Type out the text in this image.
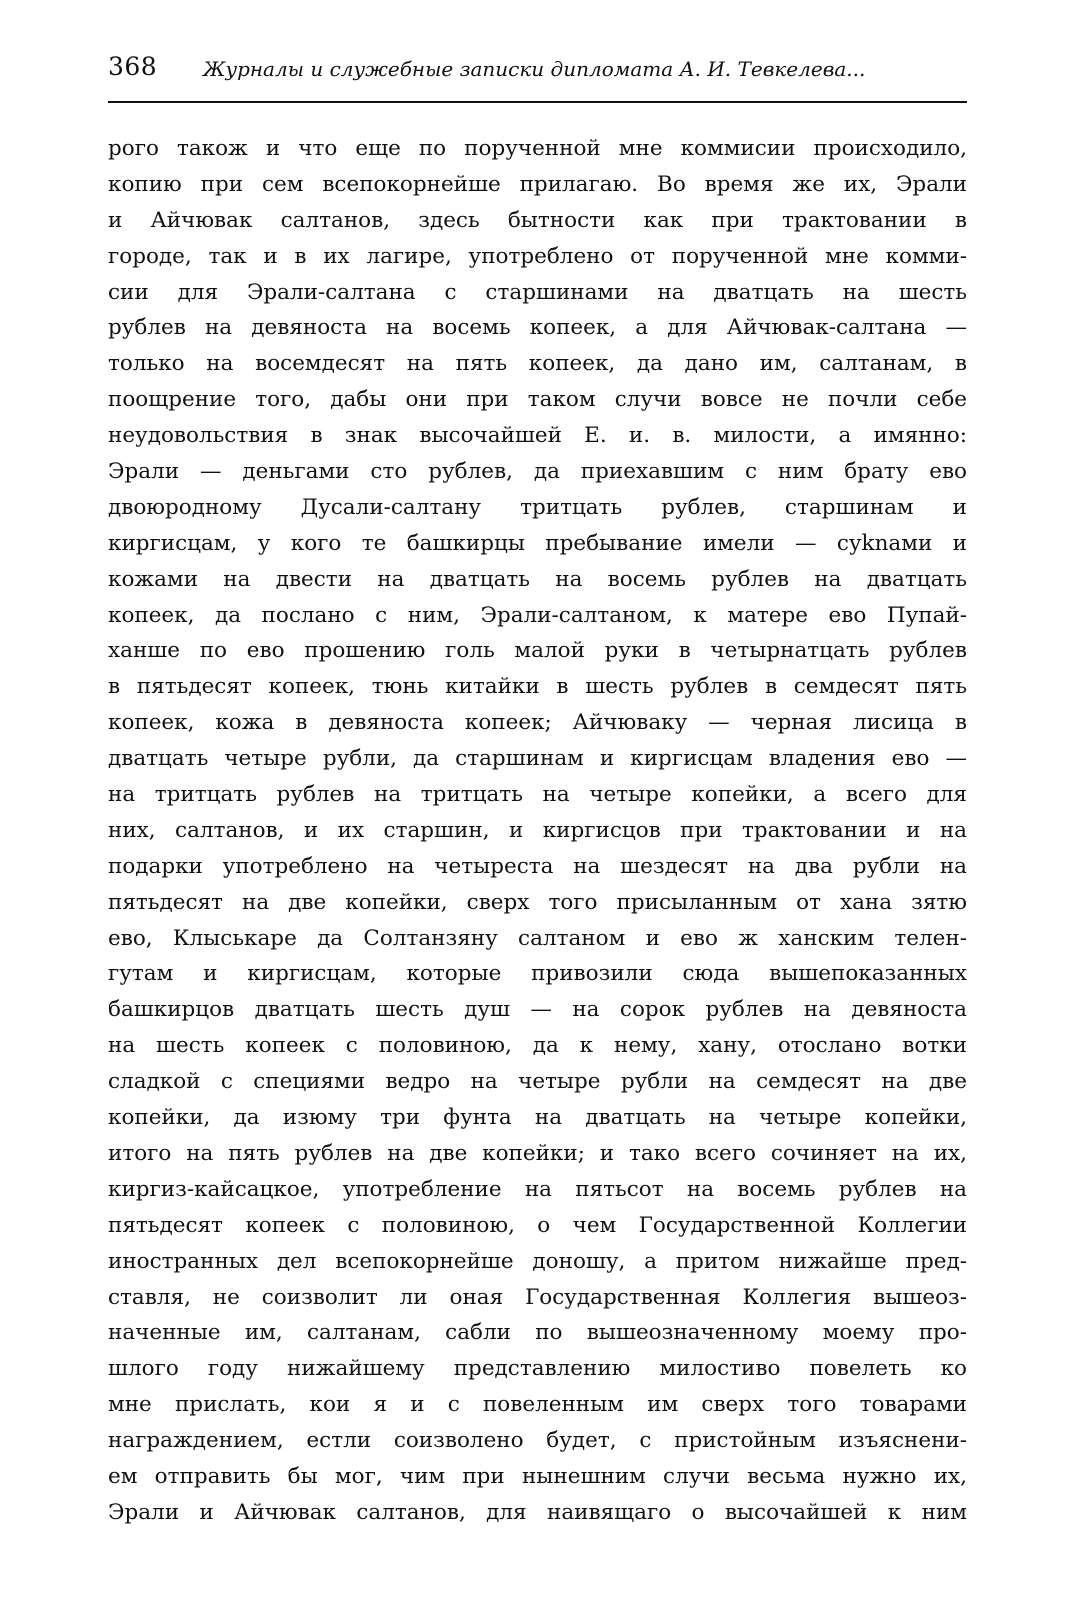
368 Журналы и служебные записки дипломата А. И. Тевкелева...
рого також и что еще по порученной мне коммисии происходило,
копию при сем всепокорнейше прилагаю. Во время же их, Эрали
и Айчювак салтанов, здесь бытности как при трактовании в
городе, так и в их лагире, употреблено от порученной мне комми-
сии для Эрали-салтана с старшинами на дватцать на шесть
рублев на девяноста на восемь копеек, а для Айчювак-салтана —
только на восемдесят на пять копеек, да дано им, салтанам, в
поощрение того, дабы они при таком случи вовсе не почли себе
неудовольствия в знак высочайшей Е. и. в. милости, а имянно:
Эрали — деньгами сто рублев, да приехавшим с ним брату ево
двоюродному Дусали-салтану тритцать рублев, старшинам и
киргисцам, у кого те башкирцы пребывание имели — суknами и
кожами на двести на дватцать на восемь рублев на дватцать
копеек, да послано с ним, Эрали-салтаном, к матере ево Пупай-
ханше по ево прошению голь малой руки в четырнатцать рублев
в пятьдесят копеек, тюнь китайки в шесть рублев в семдесят пять
копеек, кожа в девяноста копеек; Айчюваку — черная лисица в
дватцать четыре рубли, да старшинам и киргисцам владения ево —
на тритцать рублев на тритцать на четыре копейки, а всего для
них, салтанов, и их старшин, и киргисцов при трактовании и на
подарки употреблено на четыреста на шездесят на два рубли на
пятьдесят на две копейки, сверх того присыланным от хана зятю
ево, Клыськаре да Солтанзяну салтаном и ево ж ханским телен-
гутам и киргисцам, которые привозили сюда вышепоказанных
башкирцов дватцать шесть душ — на сорок рублев на девяноста
на шесть копеек с половиною, да к нему, хану, отослано вотки
сладкой с специями ведро на четыре рубли на семдесят на две
копейки, да изюму три фунта на дватцать на четыре копейки,
итого на пять рублев на две копейки; и тако всего сочиняет на их,
киргиз-кайсацкое, употребление на пятьсот на восемь рублев на
пятьдесят копеек с половиною, о чем Государственной Коллегии
иностранных дел всепокорнейше доношу, а притом нижайше пред-
ставля, не соизволит ли оная Государственная Коллегия вышеоз-
наченные им, салтанам, сабли по вышеозначенному моему про-
шлого году нижайшему представлению милостиво повелеть ко
мне прислать, кои я и с повеленным им сверх того товарами
награждением, естли соизволено будет, с пристойным изъяснени-
ем отправить бы мог, чим при нынешним случи весьма нужно их,
Эрали и Айчювак салтанов, для наивящаго о высочайшей к ним
